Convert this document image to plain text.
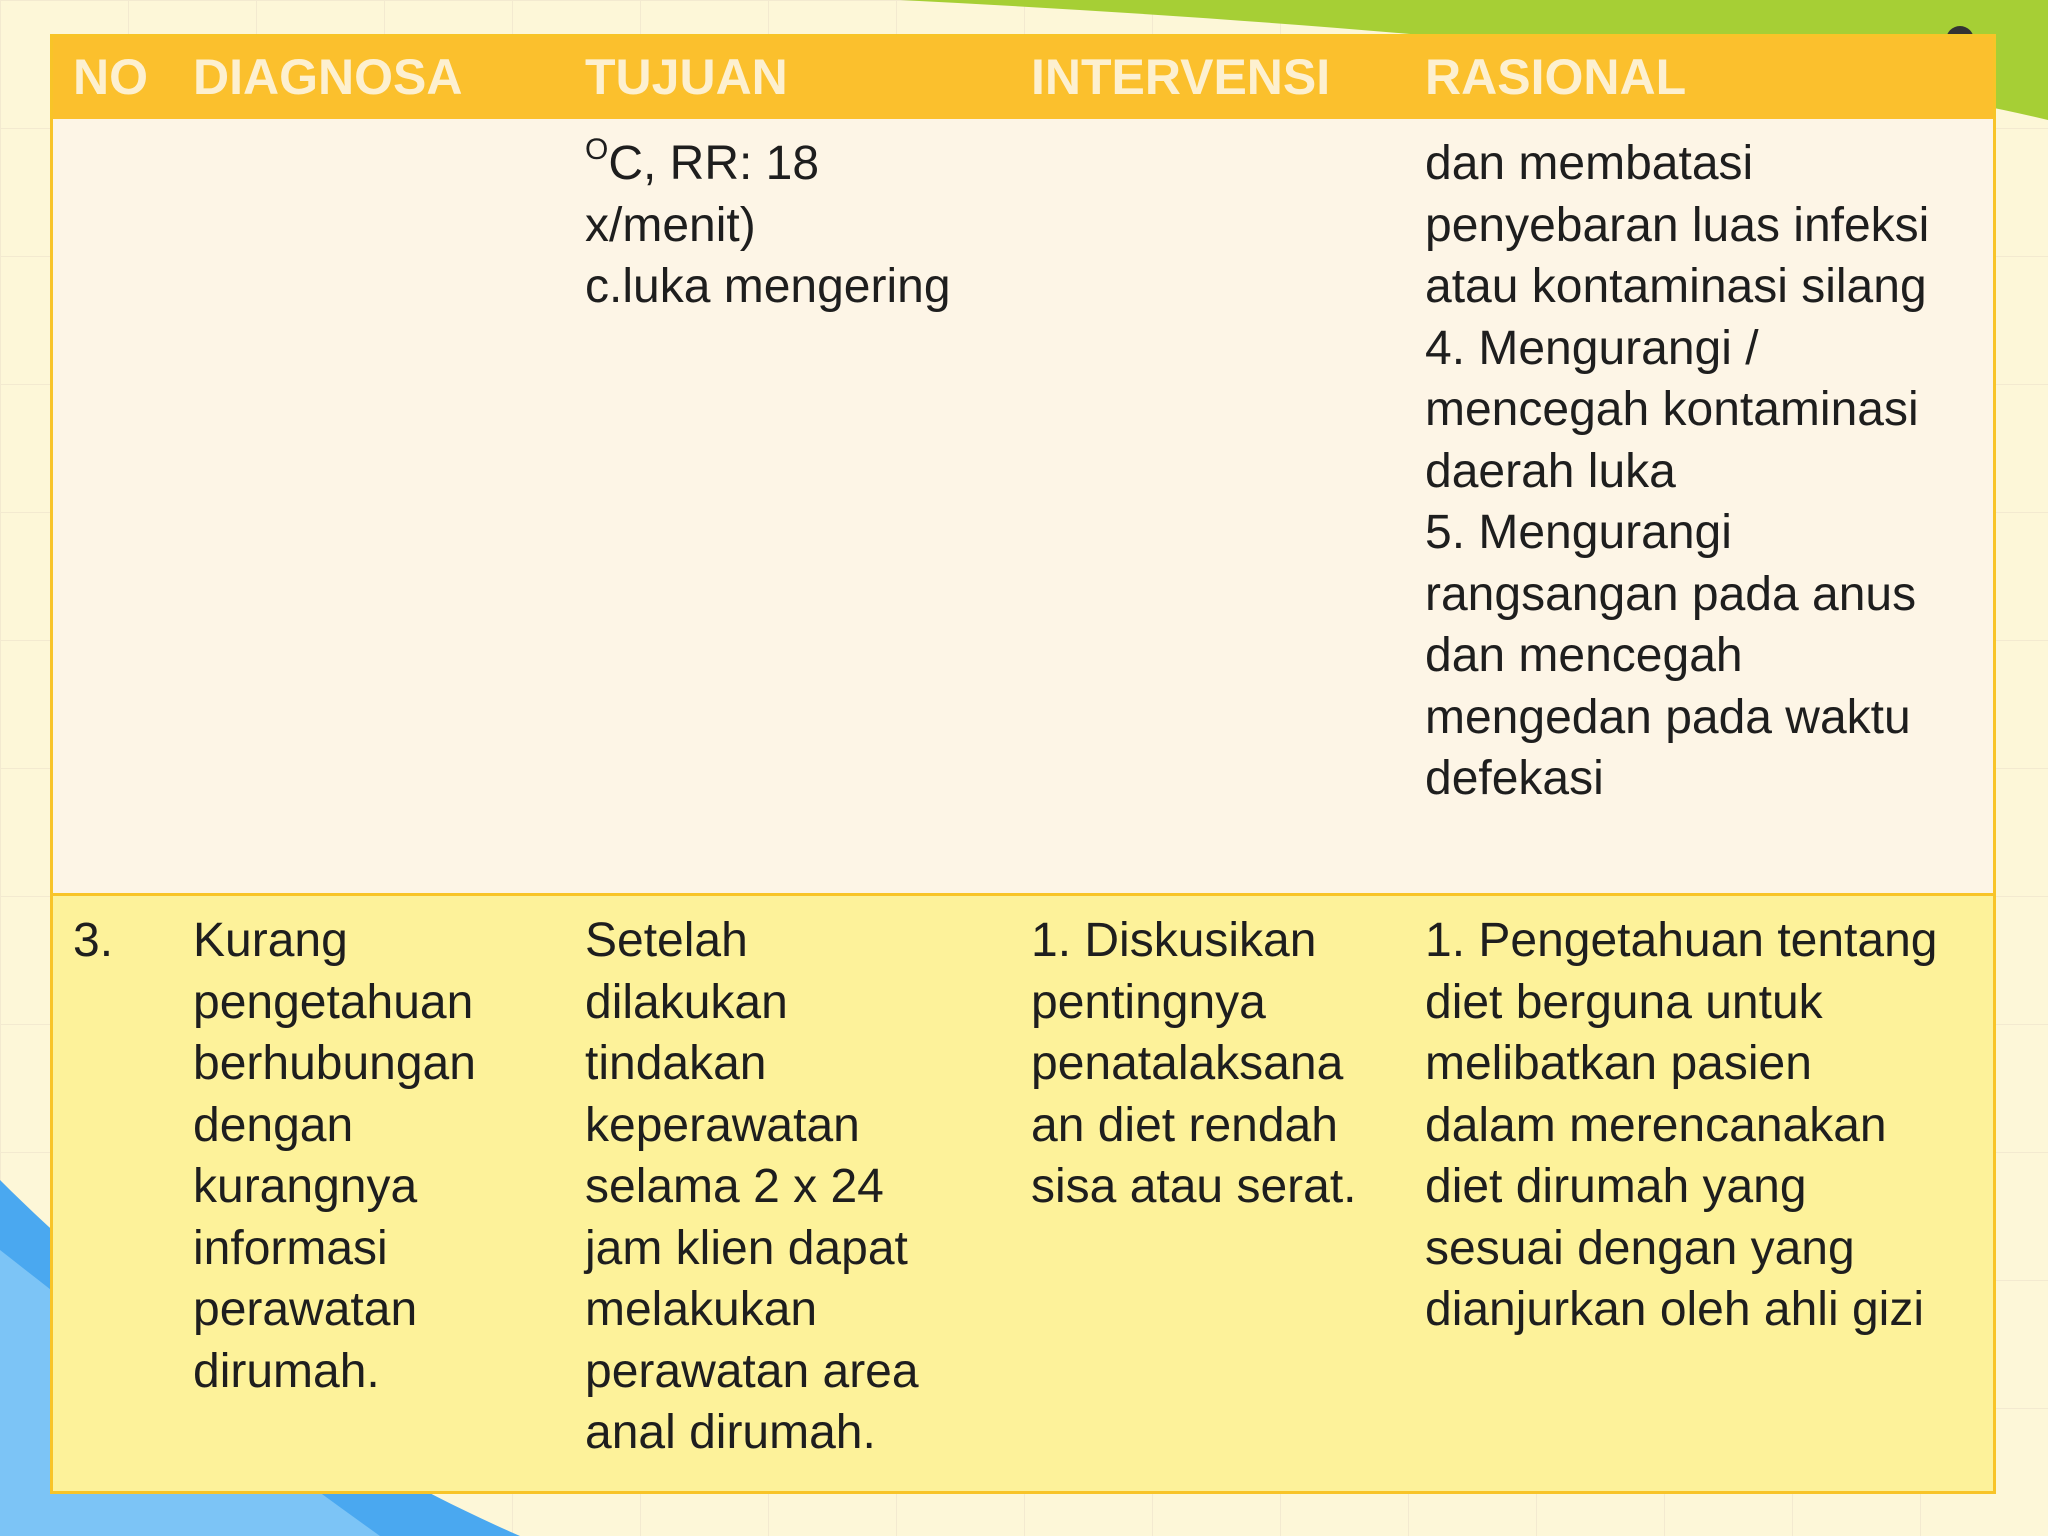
NO DIAGNOSA TUJUAN	INTERVENSI RASIONAL
$^O$C, RR: 18
x/menit)
c.luka mengering
dan membatasi
penyebaran luas infeksi
atau kontaminasi silang
4. Mengurangi /
mencegah kontaminasi
daerah luka
5. Mengurangi
rangsangan pada anus
dan mencegah
mengedan pada waktu
defekasi
3. Kurang
pengetahuan
berhubungan
dengan
kurangnya
informasi
perawatan
dirumah.
Setelah
dilakukan
tindakan
keperawatan
selama 2 x 24
jam klien dapat
melakukan
perawatan area
anal dirumah.
1. Diskusikan
pentingnya
penatalaksana
an diet rendah
sisa atau serat.
1. Pengetahuan tentang
diet berguna untuk
melibatkan pasien
dalam merencanakan
diet dirumah yang
sesuai dengan yang
dianjurkan oleh ahli gizi
